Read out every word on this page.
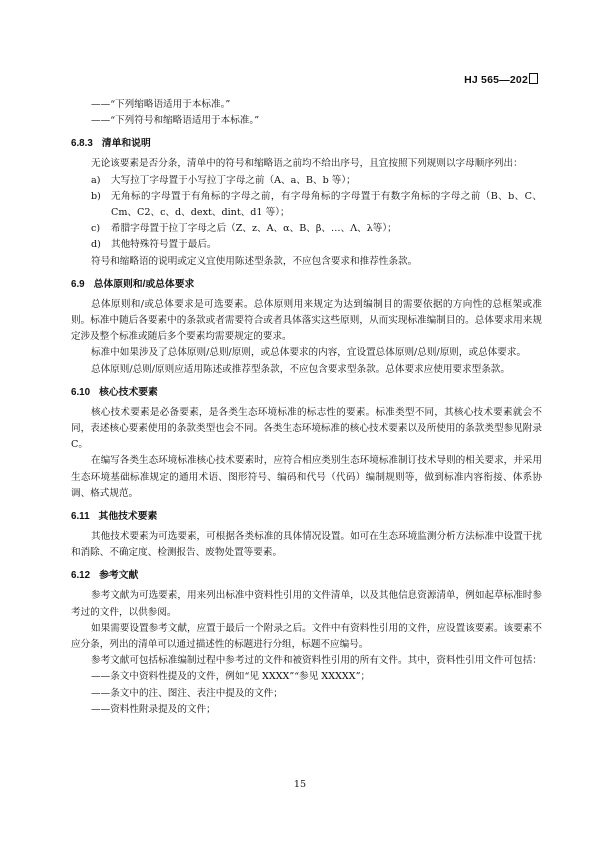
HJ 565—202

——“下列缩略语适用于本标准。”

——“下列符号和缩略语适用于本标准。”

6.8.3 清单和说明

无论该要素是否分条，清单中的符号和缩略语之前均不给出序号，且宜按照下列规则以字母顺序列出：

a)	大写拉丁字母置于小写拉丁字母之前（A、a、B、b 等）；
b)	无角标的字母置于有角标的字母之前，有字母角标的字母置于有数字角标的字母之前（B、b、C、Cm、C2、c、d、dext、dint、d1 等）；
c)	希腊字母置于拉丁字母之后（Z、z、A、α、B、β、…、Λ、λ等）；
d)	其他特殊符号置于最后。

符号和缩略语的说明或定义宜使用陈述型条款，不应包含要求和推荐性条款。

6.9 总体原则和/或总体要求

总体原则和/或总体要求是可选要素。总体原则用来规定为达到编制目的需要依据的方向性的总框架或准则。标准中随后各要素中的条款或者需要符合或者具体落实这些原则，从而实现标准编制目的。总体要求用来规定涉及整个标准或随后多个要素均需要规定的要求。

标准中如果涉及了总体原则/总则/原则，或总体要求的内容，宜设置总体原则/总则/原则，或总体要求。

总体原则/总则/原则应适用陈述或推荐型条款，不应包含要求型条款。总体要求应使用要求型条款。

6.10 核心技术要素

核心技术要素是必备要素，是各类生态环境标准的标志性的要素。标准类型不同，其核心技术要素就会不同，表述核心要素使用的条款类型也会不同。各类生态环境标准的核心技术要素以及所使用的条款类型参见附录 C。

在编写各类生态环境标准核心技术要素时，应符合相应类别生态环境标准制订技术导则的相关要求，并采用生态环境基础标准规定的通用术语、图形符号、编码和代号（代码）编制规则等，做到标准内容衔接、体系协调、格式规范。

6.11 其他技术要素

其他技术要素为可选要素，可根据各类标准的具体情况设置。如可在生态环境监测分析方法标准中设置干扰和消除、不确定度、检测报告、废物处置等要素。

6.12 参考文献

参考文献为可选要素，用来列出标准中资料性引用的文件清单，以及其他信息资源清单，例如起草标准时参考过的文件，以供参阅。

如果需要设置参考文献，应置于最后一个附录之后。文件中有资料性引用的文件，应设置该要素。该要素不应分条，列出的清单可以通过描述性的标题进行分组，标题不应编号。

参考文献可包括标准编制过程中参考过的文件和被资料性引用的所有文件。其中，资料性引用文件可包括：

——条文中资料性提及的文件，例如“见 XXXX”“参见 XXXXX”；

——条文中的注、图注、表注中提及的文件；

——资料性附录提及的文件；

15
